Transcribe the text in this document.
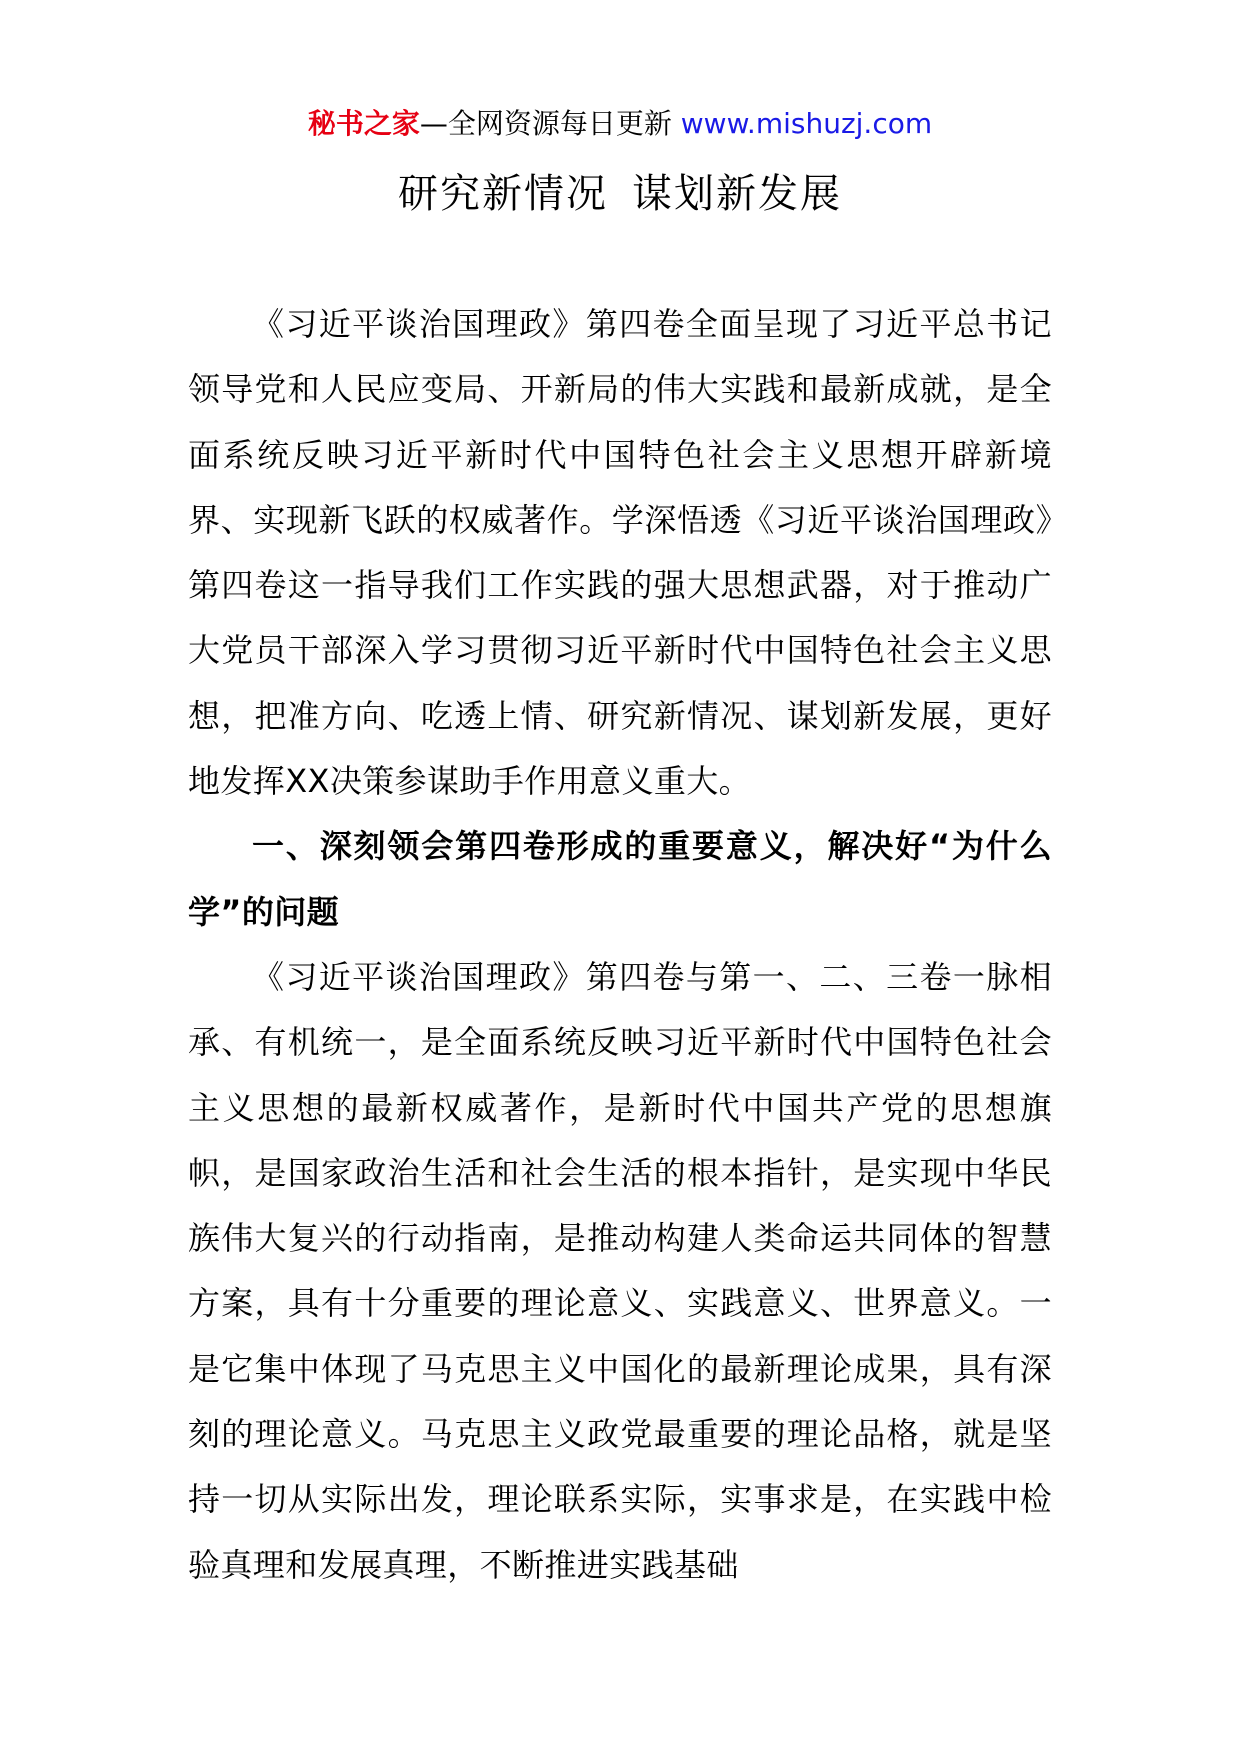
秘书之家—全网资源每日更新 www.mishuzj.com
研究新情况 谋划新发展

《习近平谈治国理政》第四卷全面呈现了习近平总书记领导党和人民应变局、开新局的伟大实践和最新成就，是全面系统反映习近平新时代中国特色社会主义思想开辟新境界、实现新飞跃的权威著作。学深悟透《习近平谈治国理政》第四卷这一指导我们工作实践的强大思想武器，对于推动广大党员干部深入学习贯彻习近平新时代中国特色社会主义思想，把准方向、吃透上情、研究新情况、谋划新发展，更好地发挥XX决策参谋助手作用意义重大。

一、深刻领会第四卷形成的重要意义，解决好“为什么学”的问题

《习近平谈治国理政》第四卷与第一、二、三卷一脉相承、有机统一，是全面系统反映习近平新时代中国特色社会主义思想的最新权威著作，是新时代中国共产党的思想旗帜，是国家政治生活和社会生活的根本指针，是实现中华民族伟大复兴的行动指南，是推动构建人类命运共同体的智慧方案，具有十分重要的理论意义、实践意义、世界意义。一是它集中体现了马克思主义中国化的最新理论成果，具有深刻的理论意义。马克思主义政党最重要的理论品格，就是坚持一切从实际出发，理论联系实际，实事求是，在实践中检验真理和发展真理，不断推进实践基础
